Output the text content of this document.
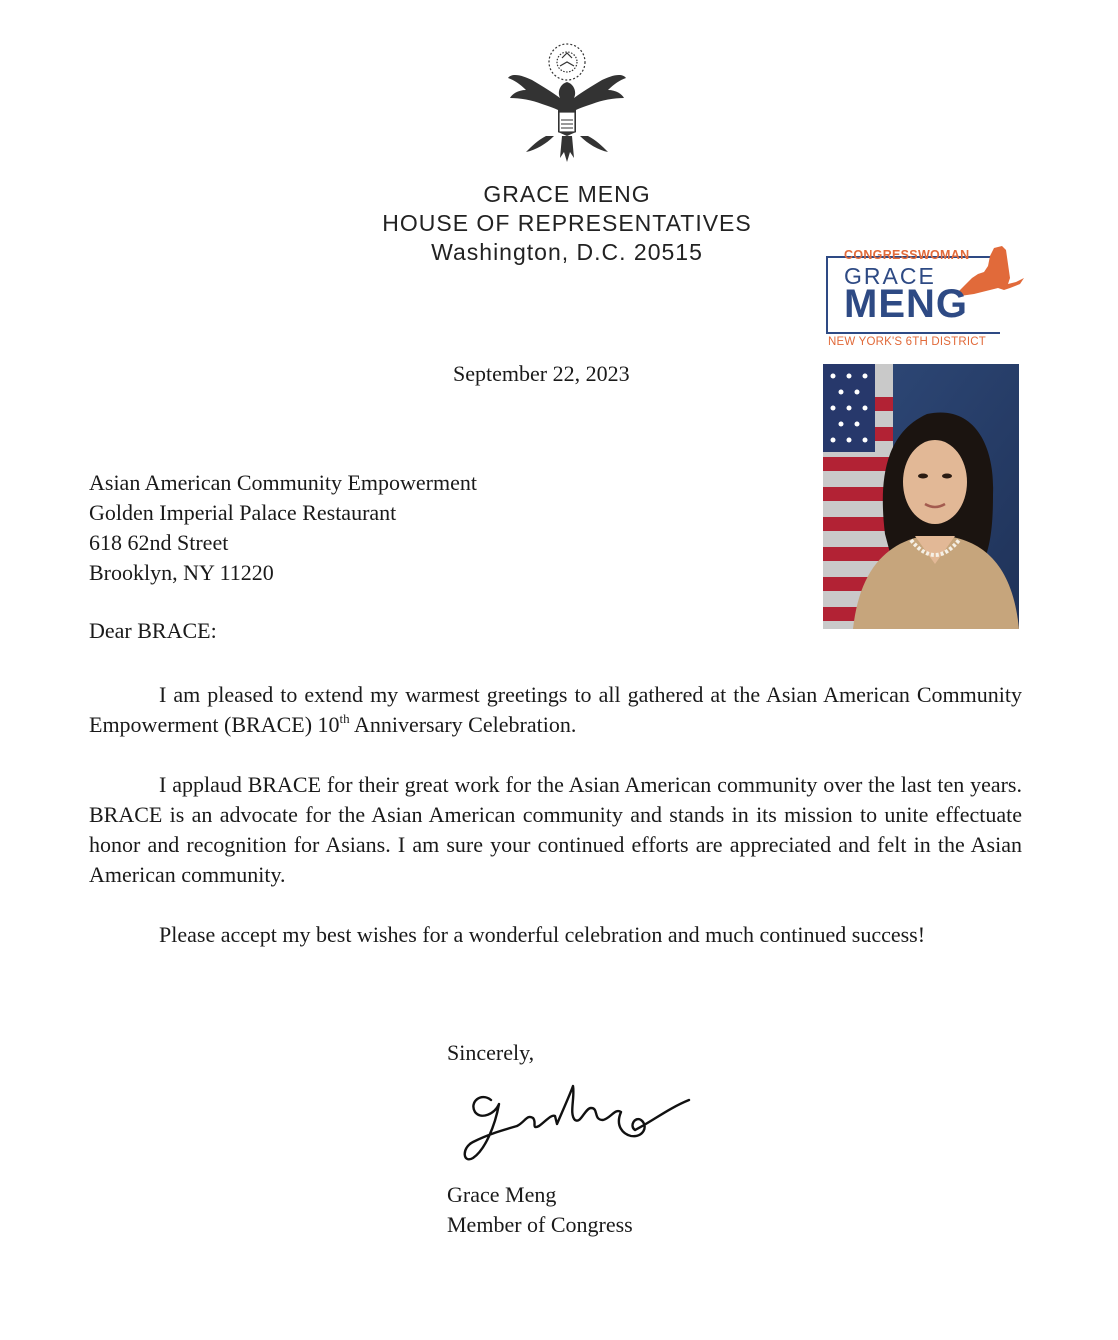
GRACE MENG
HOUSE OF REPRESENTATIVES
Washington, D.C. 20515	CONGRESSWOMAN
GRACE
MENG
NEW YORK'S 6TH DISTRICT
September 22, 2023
Asian American Community Empowerment
Golden Imperial Palace Restaurant
618 62nd Street
Brooklyn, NY 11220
Dear BRACE:

I am pleased to extend my warmest greetings to all gathered at the Asian American Community Empowerment (BRACE) 10th Anniversary Celebration.

I applaud BRACE for their great work for the Asian American community over the last ten years. BRACE is an advocate for the Asian American community and stands in its mission to unite effectuate honor and recognition for Asians. I am sure your continued efforts are appreciated and felt in the Asian American community.

Please accept my best wishes for a wonderful celebration and much continued success!

Sincerely,
Grace Meng
Member of Congress
